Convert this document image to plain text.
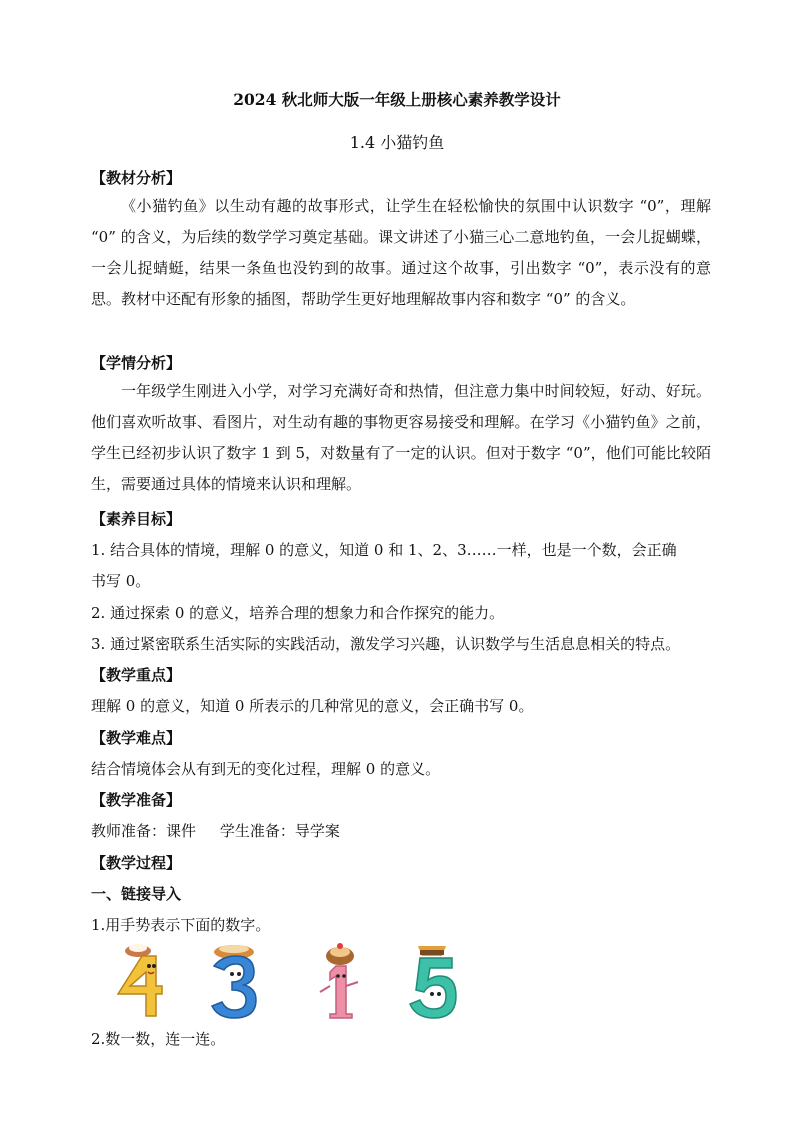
2024 秋北师大版一年级上册核心素养教学设计
1.4 小猫钓鱼
【教材分析】

《小猫钓鱼》以生动有趣的故事形式，让学生在轻松愉快的氛围中认识数字 “0”，理解 “0” 的含义，为后续的数学学习奠定基础。课文讲述了小猫三心二意地钓鱼，一会儿捉蝴蝶，一会儿捉蜻蜓，结果一条鱼也没钓到的故事。通过这个故事，引出数字 “0”，表示没有的意思。教材中还配有形象的插图，帮助学生更好地理解故事内容和数字 “0” 的含义。

【学情分析】

一年级学生刚进入小学，对学习充满好奇和热情，但注意力集中时间较短，好动、好玩。他们喜欢听故事、看图片，对生动有趣的事物更容易接受和理解。在学习《小猫钓鱼》之前，学生已经初步认识了数字 1 到 5，对数量有了一定的认识。但对于数字 “0”，他们可能比较陌生，需要通过具体的情境来认识和理解。

【素养目标】
1. 结合具体的情境，理解 0 的意义，知道 0 和 1、2、3……一样，也是一个数，会正确
书写 0。
2. 通过探索 0 的意义，培养合理的想象力和合作探究的能力。
3. 通过紧密联系生活实际的实践活动，激发学习兴趣，认识数学与生活息息相关的特点。
【教学重点】
理解 0 的意义，知道 0 所表示的几种常见的意义，会正确书写 0。
【教学难点】
结合情境体会从有到无的变化过程，理解 0 的意义。
【教学准备】
教师准备：课件     学生准备：导学案
【教学过程】
一、链接导入
1.用手势表示下面的数字。
2.数一数，连一连。
